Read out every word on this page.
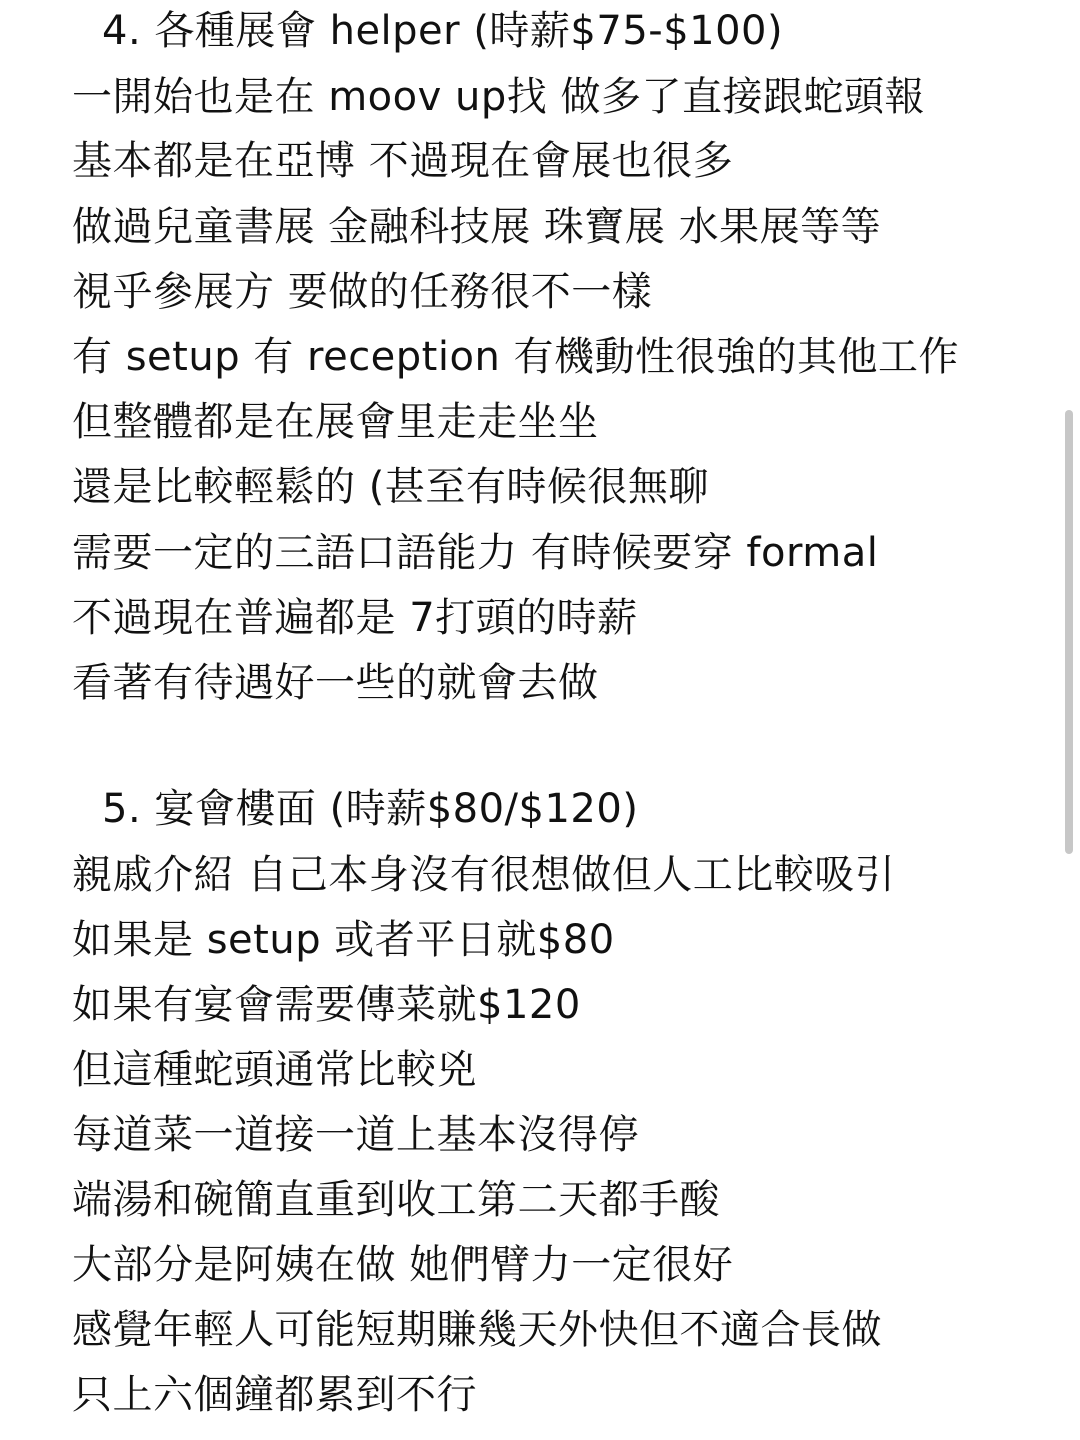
4. 各種展會 helper (時薪$75-$100)
一開始也是在 moov up找 做多了直接跟蛇頭報
基本都是在亞博 不過現在會展也很多
做過兒童書展 金融科技展 珠寶展 水果展等等
視乎參展方 要做的任務很不一樣
有 setup 有 reception 有機動性很強的其他工作
但整體都是在展會里走走坐坐
還是比較輕鬆的 (甚至有時候很無聊
需要一定的三語口語能力 有時候要穿 formal
不過現在普遍都是 7打頭的時薪
看著有待遇好一些的就會去做
5. 宴會樓面 (時薪$80/$120)
親戚介紹 自己本身沒有很想做但人工比較吸引
如果是 setup 或者平日就$80
如果有宴會需要傳菜就$120
但這種蛇頭通常比較兇
每道菜一道接一道上基本沒得停
端湯和碗簡直重到收工第二天都手酸
大部分是阿姨在做 她們臂力一定很好
感覺年輕人可能短期賺幾天外快但不適合長做
只上六個鐘都累到不行
